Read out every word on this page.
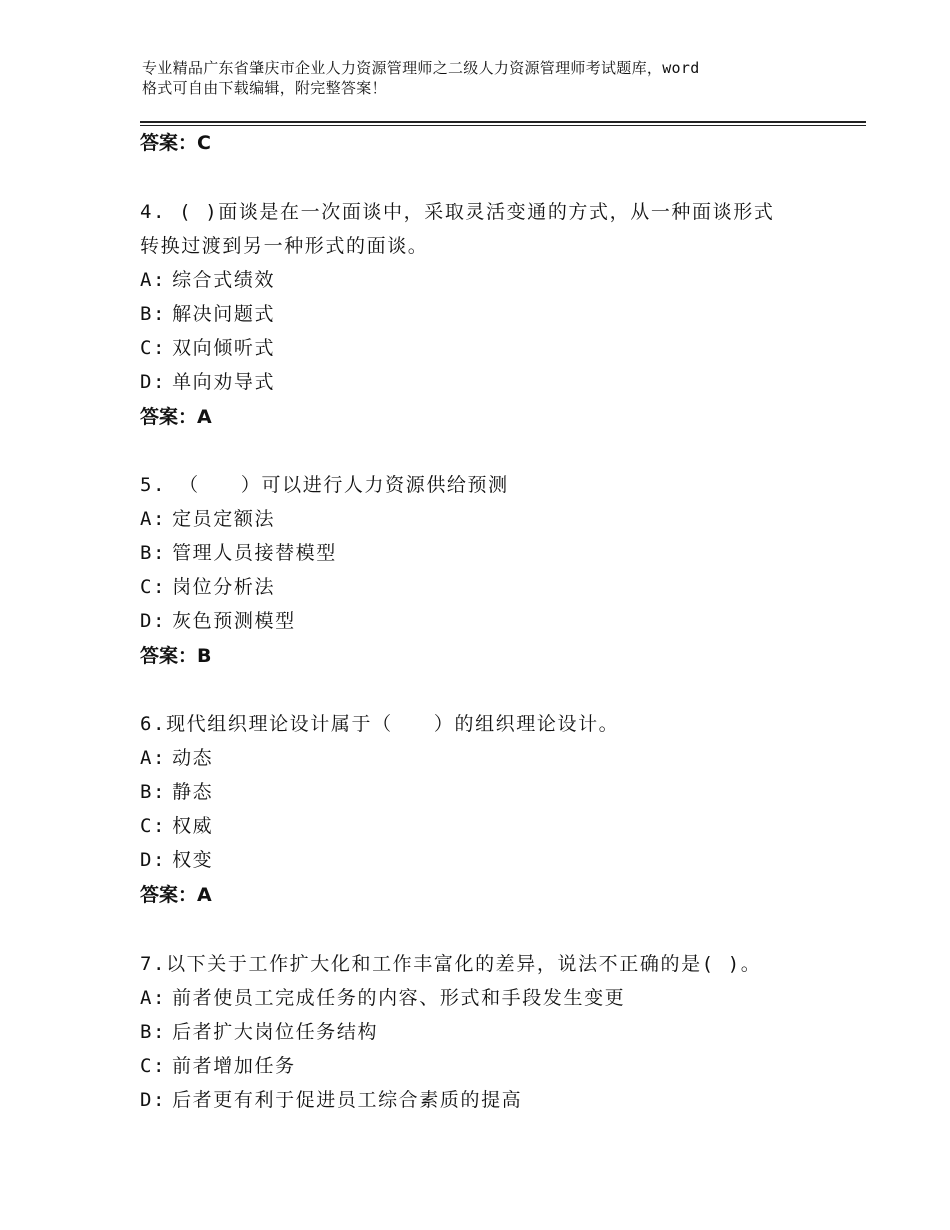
专业精品广东省肇庆市企业人力资源管理师之二级人力资源管理师考试题库，word
格式可自由下载编辑，附完整答案！
答案：C
4. ( )面谈是在一次面谈中，采取灵活变通的方式，从一种面谈形式
转换过渡到另一种形式的面谈。
A: 综合式绩效
B: 解决问题式
C: 双向倾听式
D: 单向劝导式
答案：A
5. （　　）可以进行人力资源供给预测
A: 定员定额法
B: 管理人员接替模型
C: 岗位分析法
D: 灰色预测模型
答案：B
6.现代组织理论设计属于（　　）的组织理论设计。
A: 动态
B: 静态
C: 权威
D: 权变
答案：A
7.以下关于工作扩大化和工作丰富化的差异，说法不正确的是( )。
A: 前者使员工完成任务的内容、形式和手段发生变更
B: 后者扩大岗位任务结构
C: 前者增加任务
D: 后者更有利于促进员工综合素质的提高
